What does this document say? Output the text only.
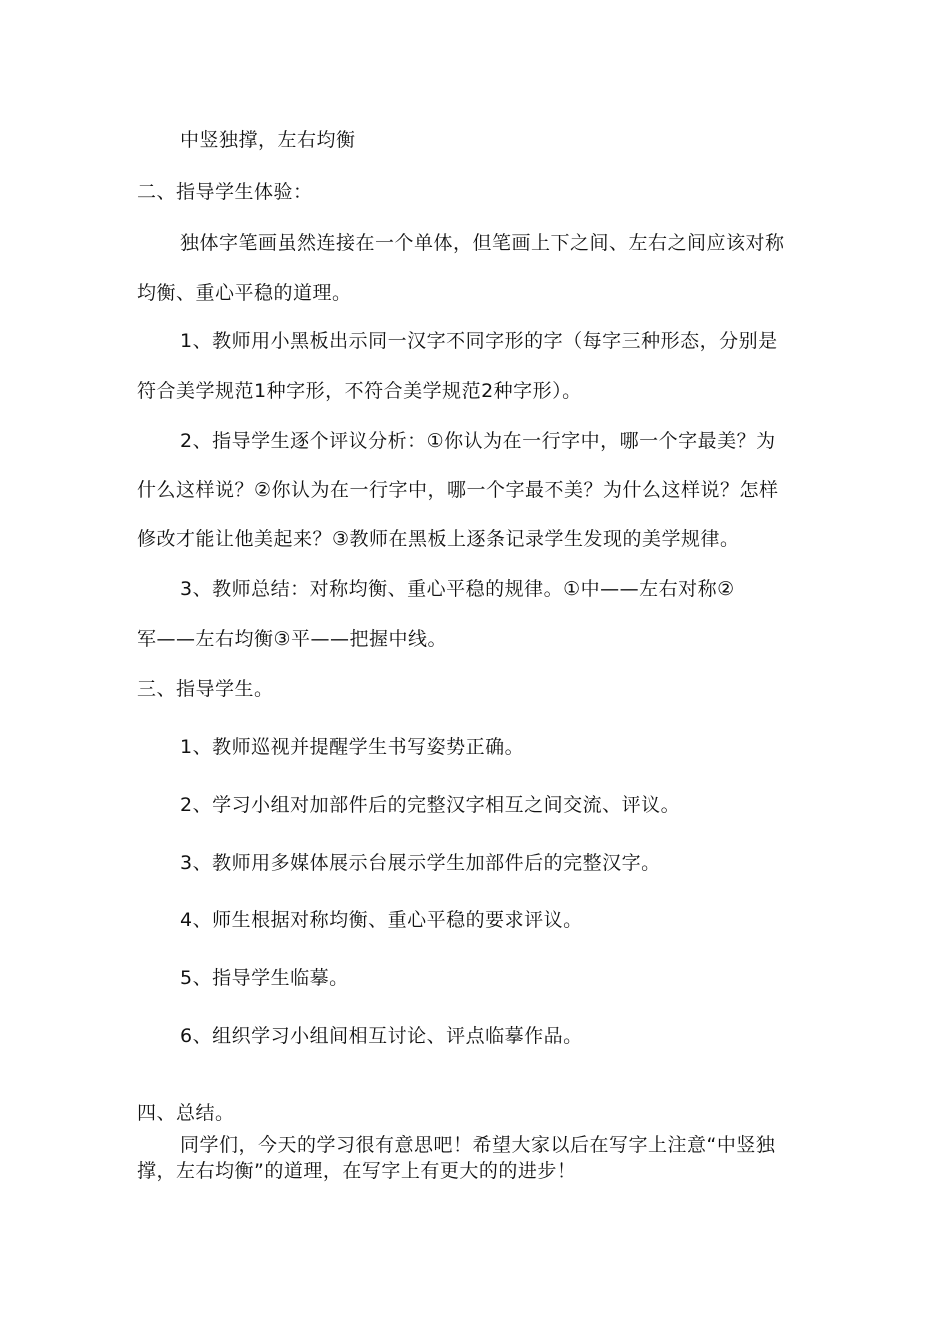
中竖独撑，左右均衡
二、指导学生体验：
独体字笔画虽然连接在一个单体，但笔画上下之间、左右之间应该对称
均衡、重心平稳的道理。
1、教师用小黑板出示同一汉字不同字形的字（每字三种形态，分别是
符合美学规范1种字形，不符合美学规范2种字形）。
2、指导学生逐个评议分析：①你认为在一行字中，哪一个字最美？为
什么这样说？②你认为在一行字中，哪一个字最不美？为什么这样说？怎样
修改才能让他美起来？③教师在黑板上逐条记录学生发现的美学规律。
3、教师总结：对称均衡、重心平稳的规律。①中——左右对称②
军——左右均衡③平——把握中线。
三、指导学生。
1、教师巡视并提醒学生书写姿势正确。
2、学习小组对加部件后的完整汉字相互之间交流、评议。
3、教师用多媒体展示台展示学生加部件后的完整汉字。
4、师生根据对称均衡、重心平稳的要求评议。
5、指导学生临摹。
6、组织学习小组间相互讨论、评点临摹作品。
四、总结。
同学们，今天的学习很有意思吧！希望大家以后在写字上注意“中竖独
撑，左右均衡”的道理，在写字上有更大的的进步！
